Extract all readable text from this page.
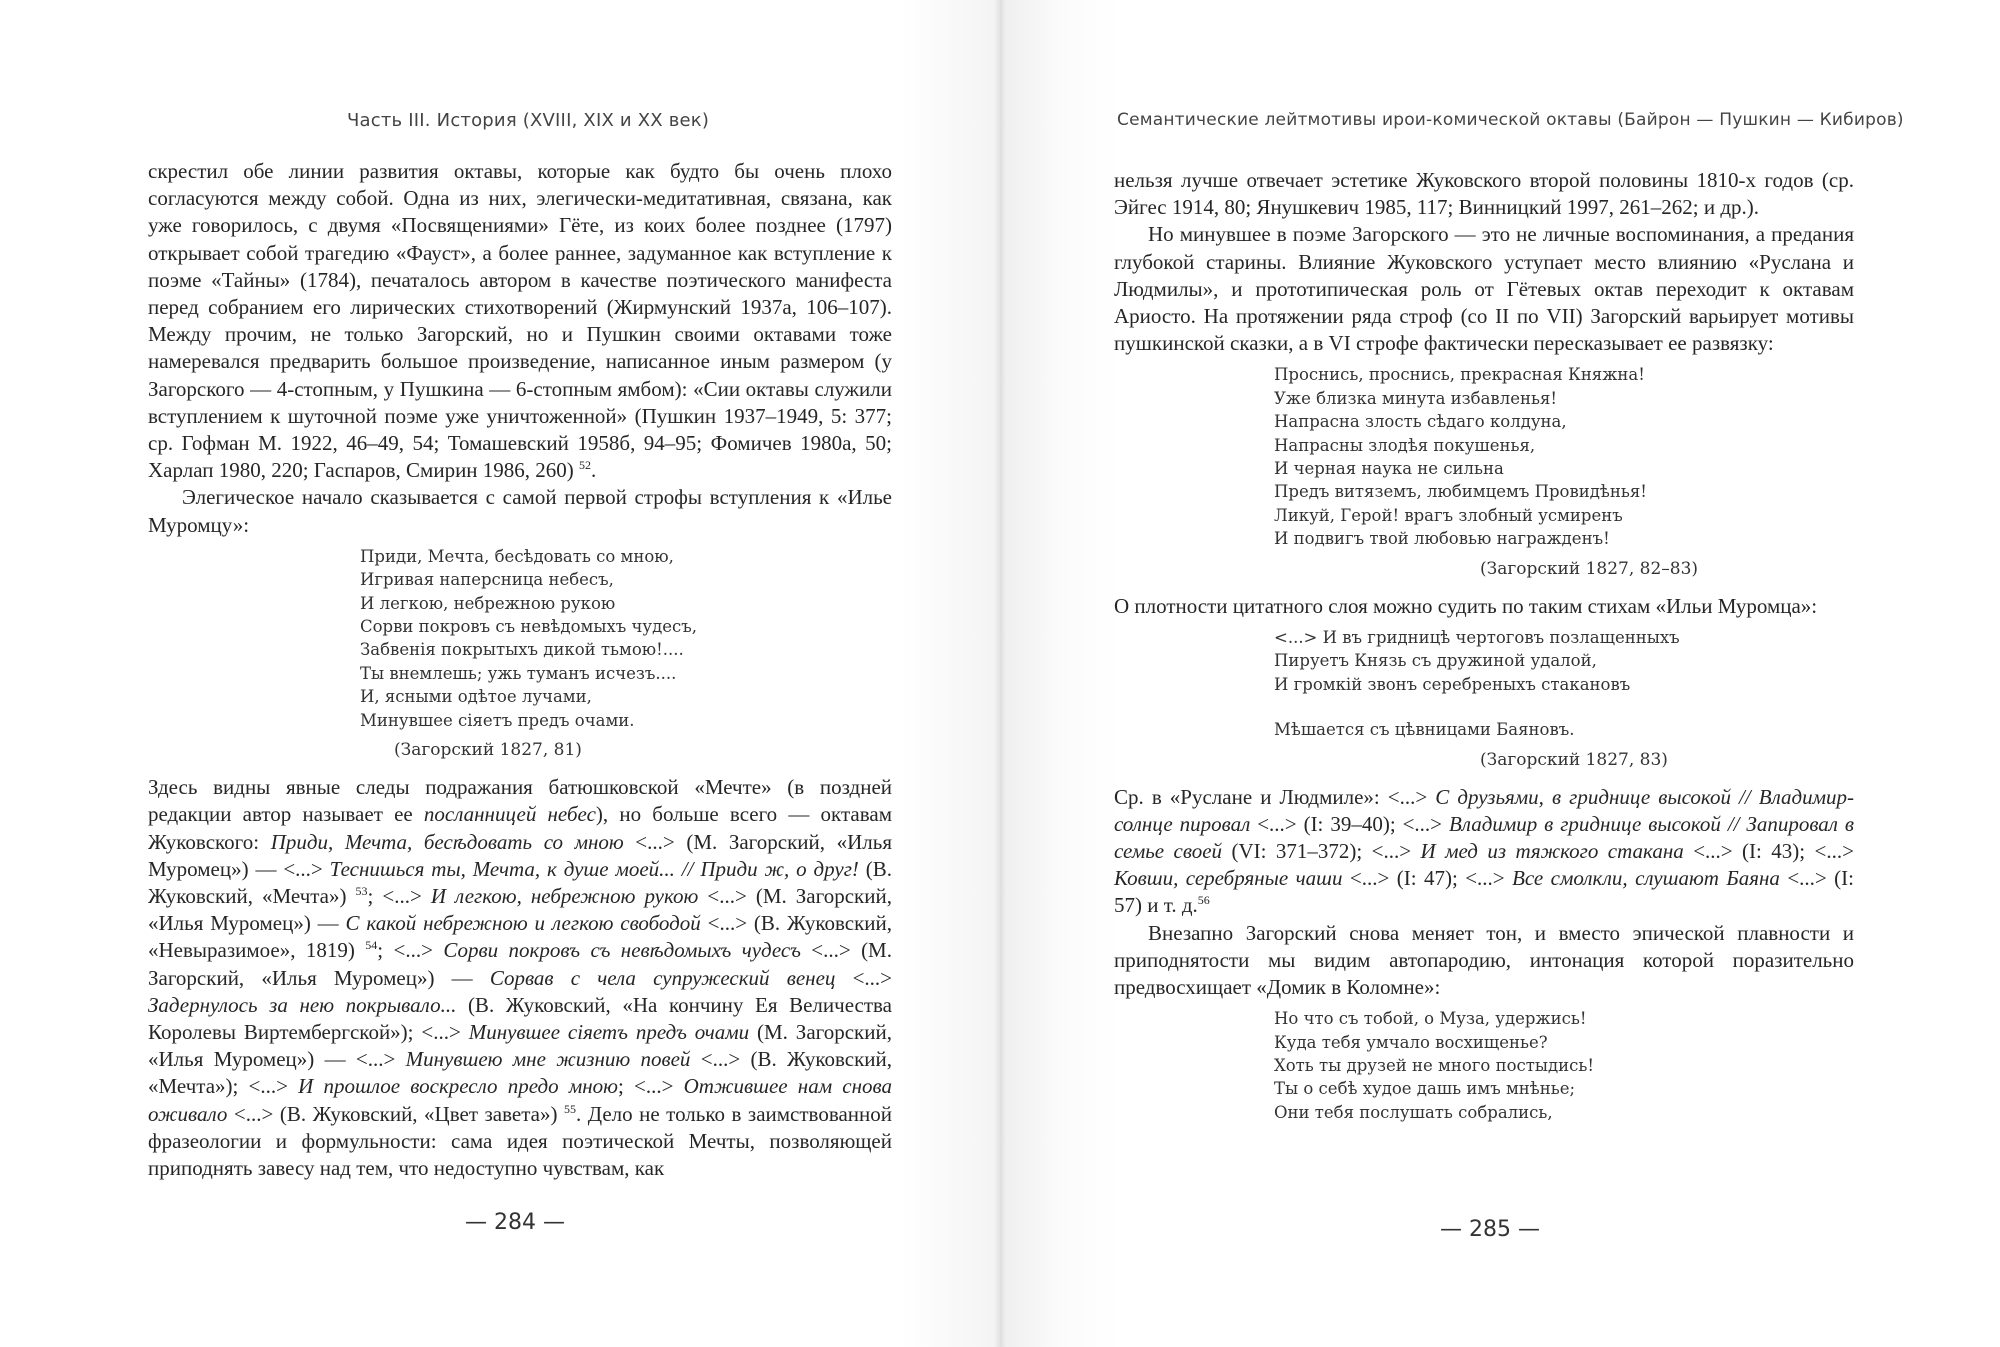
Часть III. История (XVIII, XIX и XX век)

скрестил обе линии развития октавы, которые как будто бы очень плохо согласуются между собой. Одна из них, элегически-медитативная, связана, как уже говорилось, с двумя «Посвящениями» Гёте, из коих более позднее (1797) открывает собой трагедию «Фауст», а более раннее, задуманное как вступление к поэме «Тайны» (1784), печаталось автором в качестве поэтического манифеста перед собранием его лирических стихотворений (Жирмунский 1937а, 106–107). Между прочим, не только Загорский, но и Пушкин своими октавами тоже намеревался предварить большое произведение, написанное иным размером (у Загорского — 4-стопным, у Пушкина — 6-стопным ямбом): «Сии октавы служили вступлением к шуточной поэме уже уничтоженной» (Пушкин 1937–1949, 5: 377; ср. Гофман М. 1922, 46–49, 54; Томашевский 1958б, 94–95; Фомичев 1980а, 50; Харлап 1980, 220; Гаспаров, Смирин 1986, 260) $^{52}$.

Элегическое начало сказывается с самой первой строфы вступления к «Илье Муромцу»:

Приди, Мечта, бесѣдовать со мною,
Игривая наперсница небесъ,
И легкою, небрежною рукою
Сорви покровъ съ невѣдомыхъ чудесъ,
Забвенія покрытыхъ дикой тьмою!....
Ты внемлешь; ужь туманъ исчезъ....
И, ясными одѣтое лучами,
Минувшее сіяетъ предъ очами.
(Загорский 1827, 81)

Здесь видны явные следы подражания батюшковской «Мечте» (в поздней редакции автор называет ее посланницей небес), но больше всего — октавам Жуковского: Приди, Мечта, бесѣдовать со мною <...> (М. Загорский, «Илья Муромец») — <...> Теснишься ты, Мечта, к душе моей... // Приди ж, о друг! (В. Жуковский, «Мечта») $^{53}$; <...> И легкою, небрежною рукою <...> (М. Загорский, «Илья Муромец») — С какой небрежною и легкою свободой <...> (В. Жуковский, «Невыразимое», 1819) $^{54}$; <...> Сорви покровъ съ невѣдомыхъ чудесъ <...> (М. Загорский, «Илья Муромец») — Сорвав с чела супружеский венец <...> Задернулось за нею покрывало... (В. Жуковский, «На кончину Ея Величества Королевы Виртембергской»); <...> Минувшее сіяетъ предъ очами (М. Загорский, «Илья Муромец») — <...> Минувшею мне жизнию повей <...> (В. Жуковский, «Мечта»); <...> И прошлое воскресло предо мною; <...> Отжившее нам снова оживало <...> (В. Жуковский, «Цвет завета») $^{55}$. Дело не только в заимствованной фразеологии и формульности: сама идея поэтической Мечты, позволяющей приподнять завесу над тем, что недоступно чувствам, как

— 284 —
Семантические лейтмотивы ирои-комической октавы (Байрон — Пушкин — Кибиров)

нельзя лучше отвечает эстетике Жуковского второй половины 1810-х годов (ср. Эйгес 1914, 80; Янушкевич 1985, 117; Винницкий 1997, 261–262; и др.).

Но минувшее в поэме Загорского — это не личные воспоминания, а предания глубокой старины. Влияние Жуковского уступает место влиянию «Руслана и Людмилы», и прототипическая роль от Гётевых октав переходит к октавам Ариосто. На протяжении ряда строф (со II по VII) Загорский варьирует мотивы пушкинской сказки, а в VI строфе фактически пересказывает ее развязку:

Проснись, проснись, прекрасная Княжна!
Уже близка минута избавленья!
Напрасна злость сѣдаго колдуна,
Напрасны злодѣя покушенья,
И черная наука не сильна
Предъ витяземъ, любимцемъ Провидѣнья!
Ликуй, Герой! врагъ злобный усмиренъ
И подвигъ твой любовью награжденъ!
(Загорский 1827, 82–83)

О плотности цитатного слоя можно судить по таким стихам «Ильи Муромца»:

<...> И въ гридницѣ чертоговъ позлащенныхъ
Пируетъ Князь съ дружиной удалой,
И громкій звонъ серебреныхъ стакановъ
Мѣшается съ цѣвницами Баяновъ.
(Загорский 1827, 83)

Ср. в «Руслане и Людмиле»: <...> С друзьями, в гриднице высокой // Владимир-солнце пировал <...> (I: 39–40); <...> Владимир в гриднице высокой // Запировал в семье своей (VI: 371–372); <...> И мед из тяжкого стакана <...> (I: 43); <...> Ковши, серебряные чаши <...> (I: 47); <...> Все смолкли, слушают Баяна <...> (I: 57) и т. д.$^{56}$

Внезапно Загорский снова меняет тон, и вместо эпической плавности и приподнятости мы видим автопародию, интонация которой поразительно предвосхищает «Домик в Коломне»:

Но что съ тобой, о Муза, удержись!
Куда тебя умчало восхищенье?
Хоть ты друзей не много постыдись!
Ты о себѣ худое дашь имъ мнѣнье;
Они тебя послушать собрались,
— 285 —
